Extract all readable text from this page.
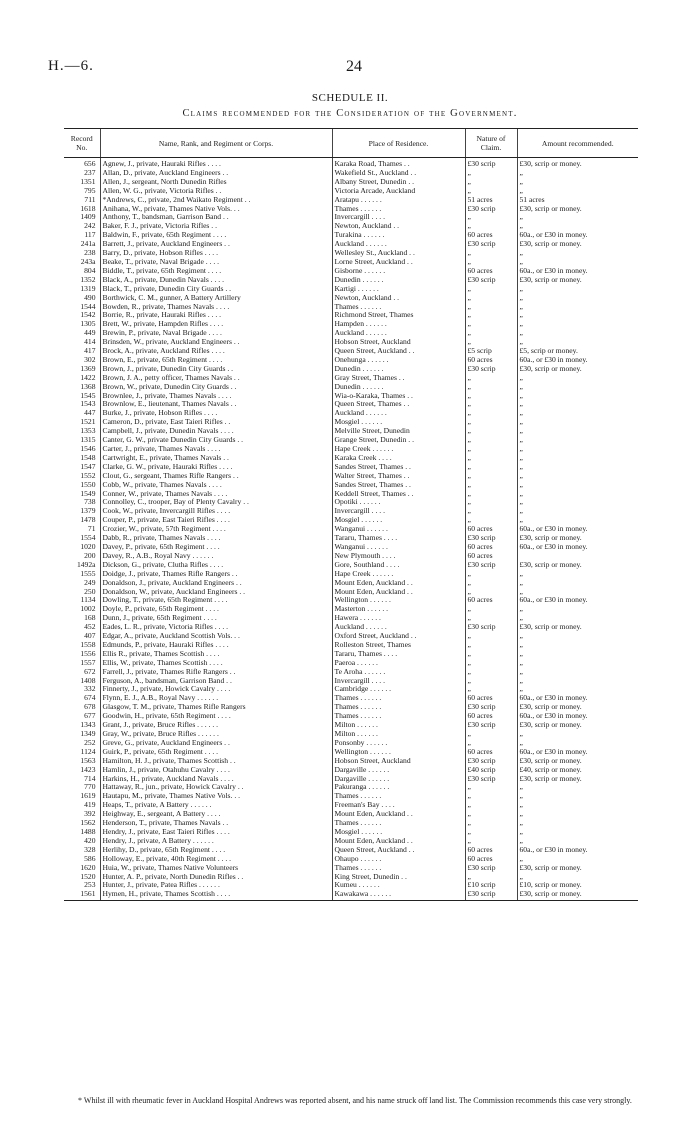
H.—6.	24
SCHEDULE II.
Claims recommended for the Consideration of the Government.
Record No.	Name, Rank, and Regiment or Corps.	Place of Residence.	Nature of Claim.	Amount recommended.
656	Agnew, J., private, Hauraki Rifles . . . .	Karaka Road, Thames . .	£30 scrip	£30, scrip or money.
237	Allan, D., private, Auckland Engineers . .	Wakefield St., Auckland . .	„	„
1351	Allen, J., sergeant, North Dunedin Rifles	Albany Street, Dunedin . .	„	„
795	Allen, W. G., private, Victoria Rifles . .	Victoria Arcade, Auckland	„	„
711	*Andrews, C., private, 2nd Waikato Regiment . .	Aratapu . . . . . .	51 acres	51 acres
1618	Anihana, W., private, Thames Native Vols. . .	Thames . . . . . .	£30 scrip	£30, scrip or money.
1409	Anthony, T., bandsman, Garrison Band . .	Invercargill . . . .	„	„
242	Baker, F. J., private, Victoria Rifles . .	Newton, Auckland . .	„	„
117	Baldwin, F., private, 65th Regiment . . . .	Turakina . . . . . .	60 acres	60a., or £30 in money.
241a	Barrett, J., private, Auckland Engineers . .	Auckland . . . . . .	£30 scrip	£30, scrip or money.
238	Barry, D., private, Hobson Rifles . . . .	Wellesley St., Auckland . .	„	„
243a	Beake, T., private, Naval Brigade . . . .	Lorne Street, Auckland . .	„	„
804	Biddle, T., private, 65th Regiment . . . .	Gisborne . . . . . .	60 acres	60a., or £30 in money.
1352	Black, A., private, Dunedin Navals . . . .	Dunedin . . . . . .	£30 scrip	£30, scrip or money.
1319	Black, T., private, Dunedin City Guards . .	Kartigi . . . . . .	„	„
490	Borthwick, C. M., gunner, A Battery Artillery	Newton, Auckland . .	„	„
1544	Bowden, R., private, Thames Navals . . . .	Thames . . . . . .	„	„
1542	Borrie, R., private, Hauraki Rifles . . . .	Richmond Street, Thames	„	„
1305	Brett, W., private, Hampden Rifles . . . .	Hampden . . . . . .	„	„
449	Brewin, P., private, Naval Brigade . . . .	Auckland . . . . . .	„	„
414	Brinsden, W., private, Auckland Engineers . .	Hobson Street, Auckland	„	„
417	Brock, A., private, Auckland Rifles . . . .	Queen Street, Auckland . .	£5 scrip	£5, scrip or money.
302	Brown, E., private, 65th Regiment . . . .	Onehunga . . . . . .	60 acres	60a., or £30 in money.
1369	Brown, J., private, Dunedin City Guards . .	Dunedin . . . . . .	£30 scrip	£30, scrip or money.
1422	Brown, J. A., petty officer, Thames Navals . .	Gray Street, Thames . .	„	„
1368	Brown, W., private, Dunedin City Guards . .	Dunedin . . . . . .	„	„
1545	Brownlee, J., private, Thames Navals . . . .	Wia-o-Karaka, Thames . .	„	„
1543	Brownlow, E., lieutenant, Thames Navals . .	Queen Street, Thames . .	„	„
447	Burke, J., private, Hobson Rifles . . . .	Auckland . . . . . .	„	„
1521	Cameron, D., private, East Taieri Rifles . .	Mosgiel . . . . . .	„	„
1353	Campbell, J., private, Dunedin Navals . . . .	Melville Street, Dunedin	„	„
1315	Canter, G. W., private Dunedin City Guards . .	Grange Street, Dunedin . .	„	„
1546	Carter, J., private, Thames Navals . . . .	Hape Creek . . . . . .	„	„
1548	Cartwright, E., private, Thames Navals . .	Karaka Creek . . . .	„	„
1547	Clarke, G. W., private, Hauraki Rifles . . . .	Sandes Street, Thames . .	„	„
1552	Clout, G., sergeant, Thames Rifle Rangers . .	Walter Street, Thames . .	„	„
1550	Cobb, W., private, Thames Navals . . . .	Sandes Street, Thames . .	„	„
1549	Conner, W., private, Thames Navals . . . .	Keddell Street, Thames . .	„	„
738	Connolley, C., trooper, Bay of Plenty Cavalry . .	Opotiki . . . . . .	„	„
1379	Cook, W., private, Invercargill Rifles . . . .	Invercargill . . . .	„	„
1478	Couper, P., private, East Taieri Rifles . . . .	Mosgiel . . . . . .	„	„
71	Crozier, W., private, 57th Regiment . . . .	Wanganui . . . . . .	60 acres	60a., or £30 in money.
1554	Dabb, R., private, Thames Navals . . . .	Tararu, Thames . . . .	£30 scrip	£30, scrip or money.
1020	Davey, P., private, 65th Regiment . . . .	Wanganui . . . . . .	60 acres	60a., or £30 in money.
200	Davey, R., A.B., Royal Navy . . . . . .	New Plymouth . . . .	60 acres	
1492a	Dickson, G., private, Clutha Rifles . . . .	Gore, Southland . . . .	£30 scrip	£30, scrip or money.
1555	Doidge, J., private, Thames Rifle Rangers . .	Hape Creek . . . . . .	„	„
249	Donaldson, J., private, Auckland Engineers . .	Mount Eden, Auckland . .	„	„
250	Donaldson, W., private, Auckland Engineers . .	Mount Eden, Auckland . .	„	„
1134	Dowling, T., private, 65th Regiment . . . .	Wellington . . . . . .	60 acres	60a., or £30 in money.
1002	Doyle, P., private, 65th Regiment . . . .	Masterton . . . . . .	„	„
168	Dunn, J., private, 65th Regiment . . . .	Hawera . . . . . .	„	„
452	Eades, L. R., private, Victoria Rifles . . . .	Auckland . . . . . .	£30 scrip	£30, scrip or money.
407	Edgar, A., private, Auckland Scottish Vols. . .	Oxford Street, Auckland . .	„	„
1558	Edmunds, P., private, Hauraki Rifles . . . .	Rolleston Street, Thames	„	„
1556	Ellis R., private, Thames Scottish . . . .	Tararu, Thames . . . .	„	„
1557	Ellis, W., private, Thames Scottish . . . .	Paeroa . . . . . .	„	„
672	Farrell, J., private, Thames Rifle Rangers . .	Te Aroha . . . . . .	„	„
1408	Ferguson, A., bandsman, Garrison Band . .	Invercargill . . . .	„	„
332	Finnerty, J., private, Howick Cavalry . . . .	Cambridge . . . . . .	„	„
674	Flynn, E. J., A.B., Royal Navy . . . . . .	Thames . . . . . .	60 acres	60a., or £30 in money.
678	Glasgow, T. M., private, Thames Rifle Rangers	Thames . . . . . .	£30 scrip	£30, scrip or money.
677	Goodwin, H., private, 65th Regiment . . . .	Thames . . . . . .	60 acres	60a., or £30 in money.
1343	Grant, J., private, Bruce Rifles . . . . . .	Milton . . . . . .	£30 scrip	£30, scrip or money.
1349	Gray, W., private, Bruce Rifles . . . . . .	Milton . . . . . .	„	„
252	Greve, G., private, Auckland Engineers . .	Ponsonby . . . . . .	„	„
1124	Guirk, P., private, 65th Regiment . . . .	Wellington . . . . . .	60 acres	60a., or £30 in money.
1563	Hamilton, H. J., private, Thames Scottish . .	Hobson Street, Auckland	£30 scrip	£30, scrip or money.
1423	Hamlin, J., private, Otahuhu Cavalry . . . .	Dargaville . . . . . .	£40 scrip	£40, scrip or money.
714	Harkins, H., private, Auckland Navals . . . .	Dargaville . . . . . .	£30 scrip	£30, scrip or money.
770	Hattaway, R., jun., private, Howick Cavalry . .	Pakuranga . . . . . .	„	„
1619	Hautapu, M., private, Thames Native Vols. . .	Thames . . . . . .	„	„
419	Heaps, T., private, A Battery . . . . . .	Freeman's Bay . . . .	„	„
392	Heighway, E., sergeant, A Battery . . . .	Mount Eden, Auckland . .	„	„
1562	Henderson, T., private, Thames Navals . .	Thames . . . . . .	„	„
1488	Hendry, J., private, East Taieri Rifles . . . .	Mosgiel . . . . . .	„	„
420	Hendry, J., private, A Battery . . . . . .	Mount Eden, Auckland . .	„	„
328	Herlihy, D., private, 65th Regiment . . . .	Queen Street, Auckland . .	60 acres	60a., or £30 in money.
586	Holloway, E., private, 40th Regiment . . . .	Ohaupo . . . . . .	60 acres	„
1620	Huia, W., private, Thames Native Volunteers	Thames . . . . . .	£30 scrip	£30, scrip or money.
1520	Hunter, A. P., private, North Dunedin Rifles . .	King Street, Dunedin . .	„	„
253	Hunter, J., private, Patea Rifles . . . . . .	Kumeu . . . . . .	£10 scrip	£10, scrip or money.
1561	Hymen, H., private, Thames Scottish . . . .	Kawakawa . . . . . .	£30 scrip	£30, scrip or money.
* Whilst ill with rheumatic fever in Auckland Hospital Andrews was reported absent, and his name struck off land list. The Commission recommends this case very strongly.
